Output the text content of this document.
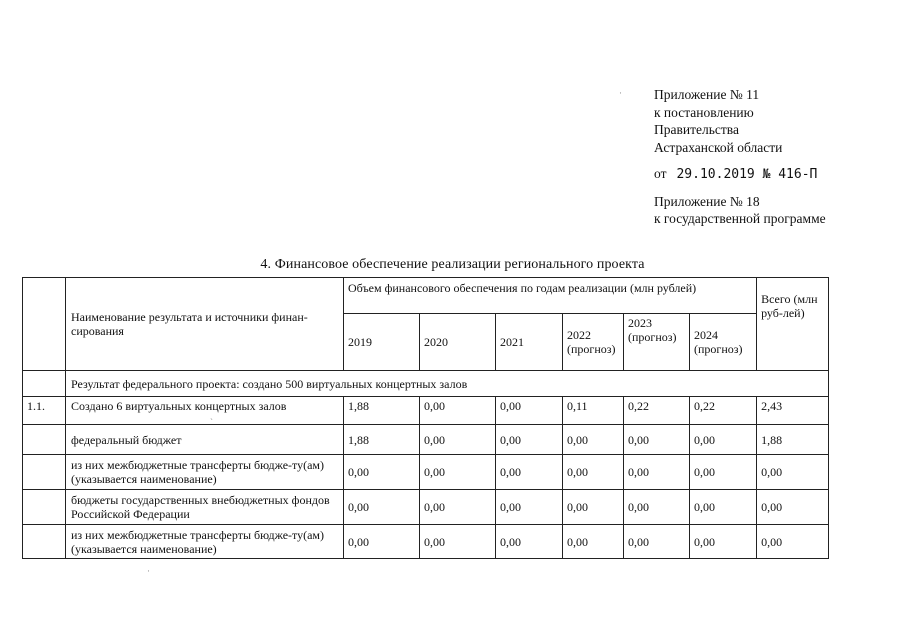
Приложение № 11
к постановлению
Правительства
Астраханской области
от 29.10.2019 № 416-П
Приложение № 18
к государственной программе
4. Финансовое обеспечение реализации регионального проекта
	Наименование результата и источники финан-сирования	Объем финансового обеспечения по годам реализации (млн рублей)						Всего (млн руб-лей)
		2019	2020	2021	2022 (прогноз)	2023 (прогноз)	2024 (прогноз)	
	Результат федерального проекта: создано 500 виртуальных концертных залов							
1.1.	Создано 6 виртуальных концертных залов	1,88	0,00	0,00	0,11	0,22	0,22	2,43
	федеральный бюджет	1,88	0,00	0,00	0,00	0,00	0,00	1,88
	из них межбюджетные трансферты бюдже-ту(ам) (указывается наименование)	0,00	0,00	0,00	0,00	0,00	0,00	0,00
	бюджеты государственных внебюджетных фондов Российской Федерации	0,00	0,00	0,00	0,00	0,00	0,00	0,00
	из них межбюджетные трансферты бюдже-ту(ам) (указывается наименование)	0,00	0,00	0,00	0,00	0,00	0,00	0,00
·
`
·
